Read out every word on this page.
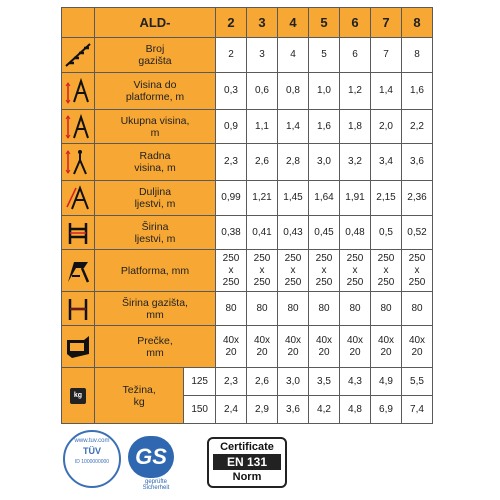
	ALD-		2	3	4	5	6	7	8

	Broj
gazišta		2	3	4	5	6	7	8

	Visina do
platforme, m		0,3	0,6	0,8	1,0	1,2	1,4	1,6

	Ukupna visina,
m		0,9	1,1	1,4	1,6	1,8	2,0	2,2

	Radna
visina, m		2,3	2,6	2,8	3,0	3,2	3,4	3,6

	Duljina
ljestvi, m		0,99	1,21	1,45	1,64	1,91	2,15	2,36

	Širina
ljestvi, m		0,38	0,41	0,43	0,45	0,48	0,5	0,52

	Platforma, mm		250
x
250	250
x
250	250
x
250	250
x
250	250
x
250	250
x
250	250
x
250

	Širina gazišta,
mm		80	80	80	80	80	80	80

	Prečke,
mm		40x
20	40x
20	40x
20	40x
20	40x
20	40x
20	40x
20
kg	Težina,
kg	125	2,3	2,6	3,0	3,5	4,3	4,9	5,5
		150	2,4	2,9	3,6	4,2	4,8	6,9	7,4
www.tuv.com
TÜV
ID 1000000000	GS
geprüfte
Sicherheit
Certificate
EN 131
Norm
